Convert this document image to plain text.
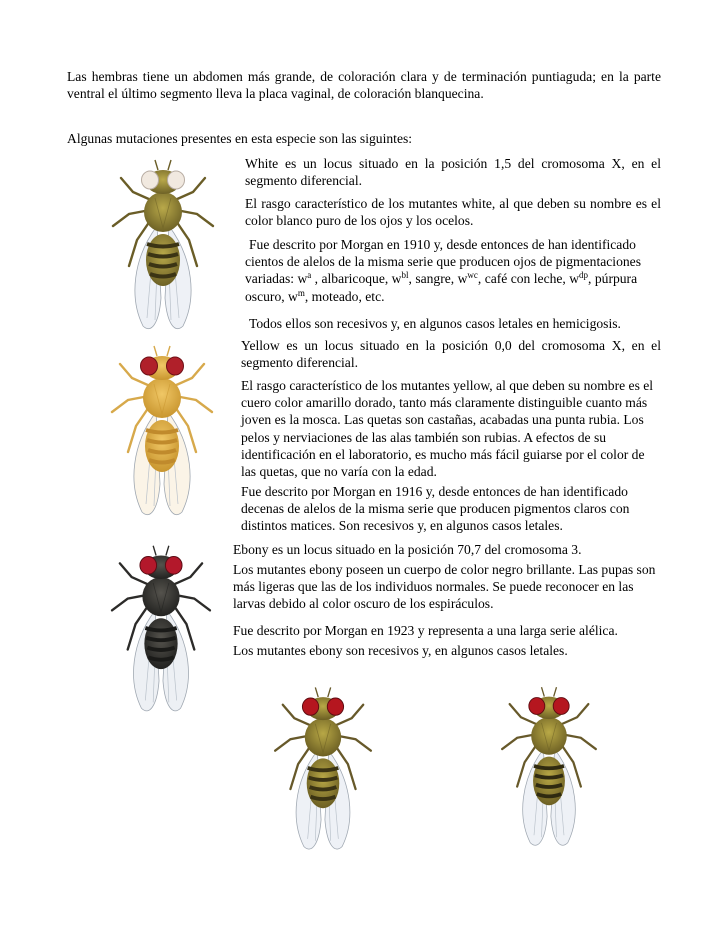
Las hembras tiene un abdomen más grande, de coloración clara y de terminación puntiaguda; en la parte ventral el último segmento lleva la placa vaginal, de coloración blanquecina.

Algunas mutaciones presentes en esta especie son las siguintes:

White es un locus situado en la posición 1,5 del cromosoma X, en el segmento diferencial.

El rasgo característico de los mutantes white, al que deben su nombre es el color blanco puro de los ojos y los ocelos.

Fue descrito por Morgan en 1910 y, desde entonces de han identificado cientos de alelos de la misma serie que producen ojos de pigmentaciones variadas: $w^a$ , albaricoque, $w^{bl}$, sangre, $w^{wc}$, café con leche, $w^{dp}$, púrpura oscuro, $w^m$, moteado, etc.

Todos ellos son recesivos y, en algunos casos letales en hemicigosis.

Yellow es un locus situado en la posición 0,0 del cromosoma X, en el segmento diferencial.

El rasgo característico de los mutantes yellow, al que deben su nombre es el cuero color amarillo dorado, tanto más claramente distinguible cuanto más joven es la mosca. Las quetas son castañas, acabadas una punta rubia. Los pelos y nerviaciones de las alas también son rubias. A efectos de su identificación en el laboratorio, es mucho más fácil guiarse por el color de las quetas, que no varía con la edad.

Fue descrito por Morgan en 1916 y, desde entonces de han identificado decenas de alelos de la misma serie que producen pigmentos claros con distintos matices. Son recesivos y, en algunos casos letales.

Ebony es un locus situado en la posición 70,7 del cromosoma 3.

Los mutantes ebony poseen un cuerpo de color negro brillante. Las pupas son más ligeras que las de los individuos normales. Se puede reconocer en las larvas debido al color oscuro de los espiráculos.

Fue descrito por Morgan en 1923 y representa a una larga serie alélica.

Los mutantes ebony son recesivos y, en algunos casos letales.
